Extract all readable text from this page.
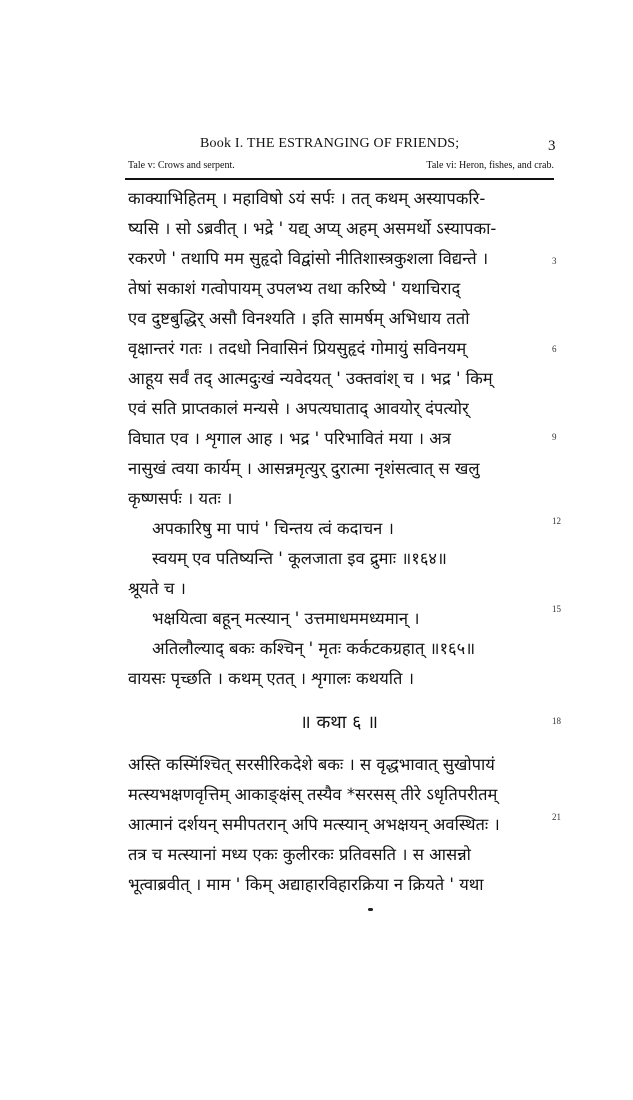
Book I. THE ESTRANGING OF FRIENDS;	3
Tale v: Crows and serpent.	Tale vi: Heron, fishes, and crab.
काक्याभिहितम् । महाविषो ऽयं सर्पः । तत् कथम् अस्यापकरि-
ष्यसि । सो ऽब्रवीत् । भद्रे ' यद्य् अप्य् अहम् असमर्थो ऽस्यापका-
रकरणे ' तथापि मम सुहृदो विद्वांसो नीतिशास्त्रकुशला विद्यन्ते ।
तेषां सकाशं गत्वोपायम् उपलभ्य तथा करिष्ये ' यथाचिराद्
एव दुष्टबुद्धिर् असौ विनश्यति । इति सामर्षम् अभिधाय ततो
वृक्षान्तरं गतः । तदधो निवासिनं प्रियसुहृदं गोमायुं सविनयम्
आहूय सर्वं तद् आत्मदुःखं न्यवेदयत् ' उक्तवांश् च । भद्र ' किम्
एवं सति प्राप्तकालं मन्यसे । अपत्यघाताद् आवयोर् दंपत्योर्
विघात एव । शृगाल आह । भद्र ' परिभावितं मया । अत्र
नासुखं त्वया कार्यम् । आसन्नमृत्युर् दुरात्मा नृशंसत्वात् स खलु
कृष्णसर्पः । यतः ।
अपकारिषु मा पापं ' चिन्तय त्वं कदाचन ।
स्वयम् एव पतिष्यन्ति ' कूलजाता इव द्रुमाः ॥१६४॥
श्रूयते च ।
भक्षयित्वा बहून् मत्स्यान् ' उत्तमाधममध्यमान् ।
अतिलौल्याद् बकः कश्चिन् ' मृतः कर्कटकग्रहात् ॥१६५॥
वायसः पृच्छति । कथम् एतत् । शृगालः कथयति ।
॥ कथा ६ ॥
अस्ति कस्मिंश्चित् सरसीरिकदेशे बकः । स वृद्धभावात् सुखोपायं
मत्स्यभक्षणवृत्तिम् आकाङ्क्षंस् तस्यैव *सरसस् तीरे ऽधृतिपरीतम्
आत्मानं दर्शयन् समीपतरान् अपि मत्स्यान् अभक्षयन् अवस्थितः ।
तत्र च मत्स्यानां मध्य एकः कुलीरकः प्रतिवसति । स आसन्नो
भूत्वाब्रवीत् । माम ' किम् अद्याहारविहारक्रिया न क्रियते ' यथा
3
6
9
12
15
18
21
